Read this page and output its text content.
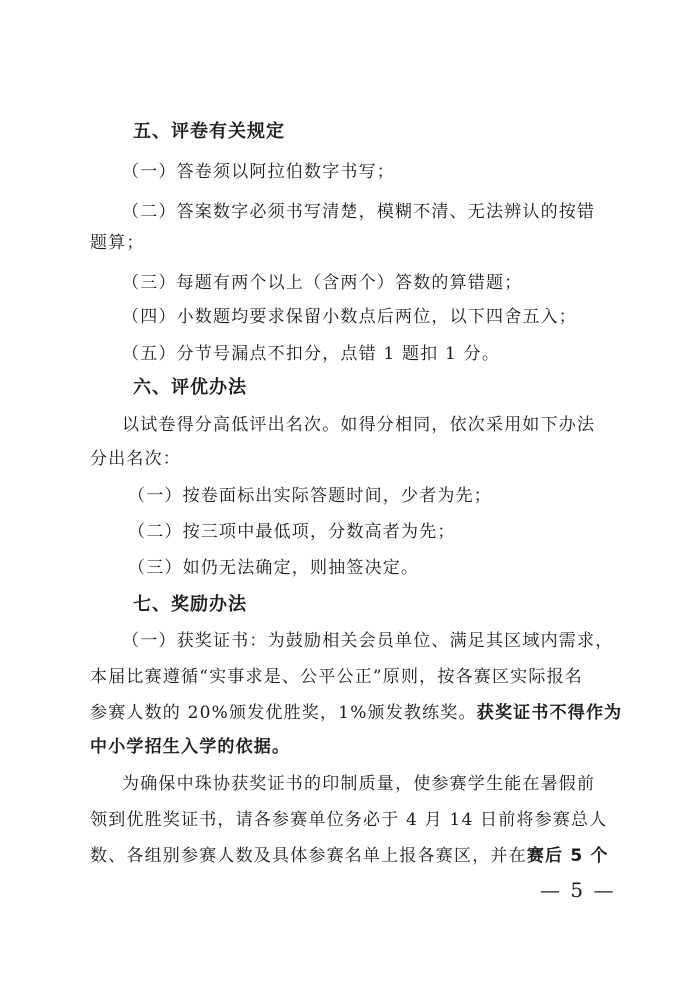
五、评卷有关规定
（一）答卷须以阿拉伯数字书写；
（二）答案数字必须书写清楚，模糊不清、无法辨认的按错
题算；
（三）每题有两个以上（含两个）答数的算错题；
（四）小数题均要求保留小数点后两位，以下四舍五入；
（五）分节号漏点不扣分，点错 1 题扣 1 分。
六、评优办法
以试卷得分高低评出名次。如得分相同，依次采用如下办法
分出名次：
（一）按卷面标出实际答题时间，少者为先；
（二）按三项中最低项，分数高者为先；
（三）如仍无法确定，则抽签决定。
七、奖励办法
（一）获奖证书：为鼓励相关会员单位、满足其区域内需求，
本届比赛遵循“实事求是、公平公正”原则，按各赛区实际报名
参赛人数的 20%颁发优胜奖，1%颁发教练奖。获奖证书不得作为
中小学招生入学的依据。
为确保中珠协获奖证书的印制质量，使参赛学生能在暑假前
领到优胜奖证书，请各参赛单位务必于 4 月 14 日前将参赛总人
数、各组别参赛人数及具体参赛名单上报各赛区，并在赛后 5 个
— 5 —
